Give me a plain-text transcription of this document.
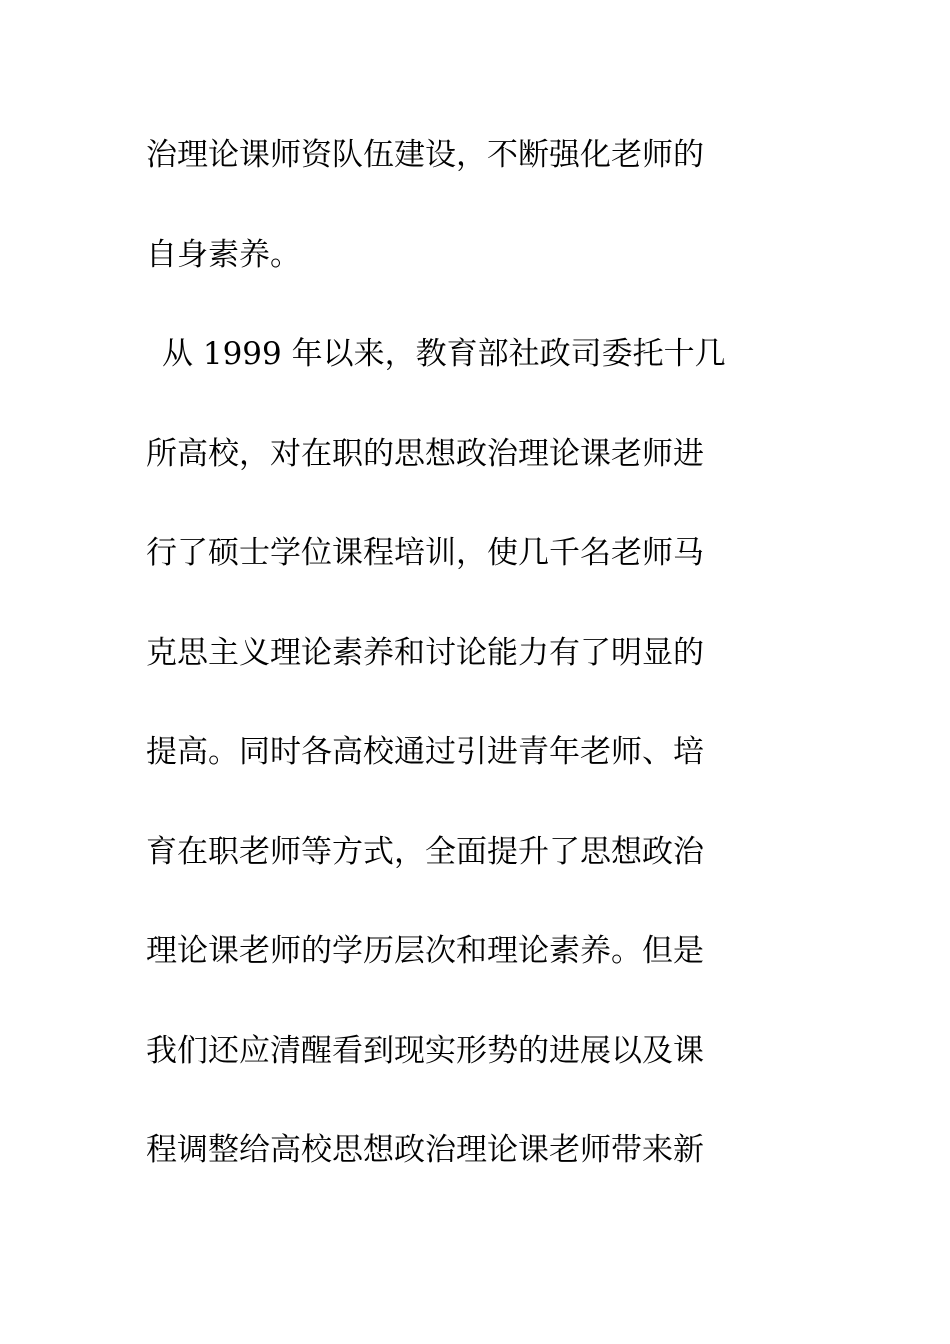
治理论课师资队伍建设，不断强化老师的
自身素养。
从 1999 年以来，教育部社政司委托十几
所高校，对在职的思想政治理论课老师进
行了硕士学位课程培训，使几千名老师马
克思主义理论素养和讨论能力有了明显的
提高。同时各高校通过引进青年老师、培
育在职老师等方式，全面提升了思想政治
理论课老师的学历层次和理论素养。但是
我们还应清醒看到现实形势的进展以及课
程调整给高校思想政治理论课老师带来新
